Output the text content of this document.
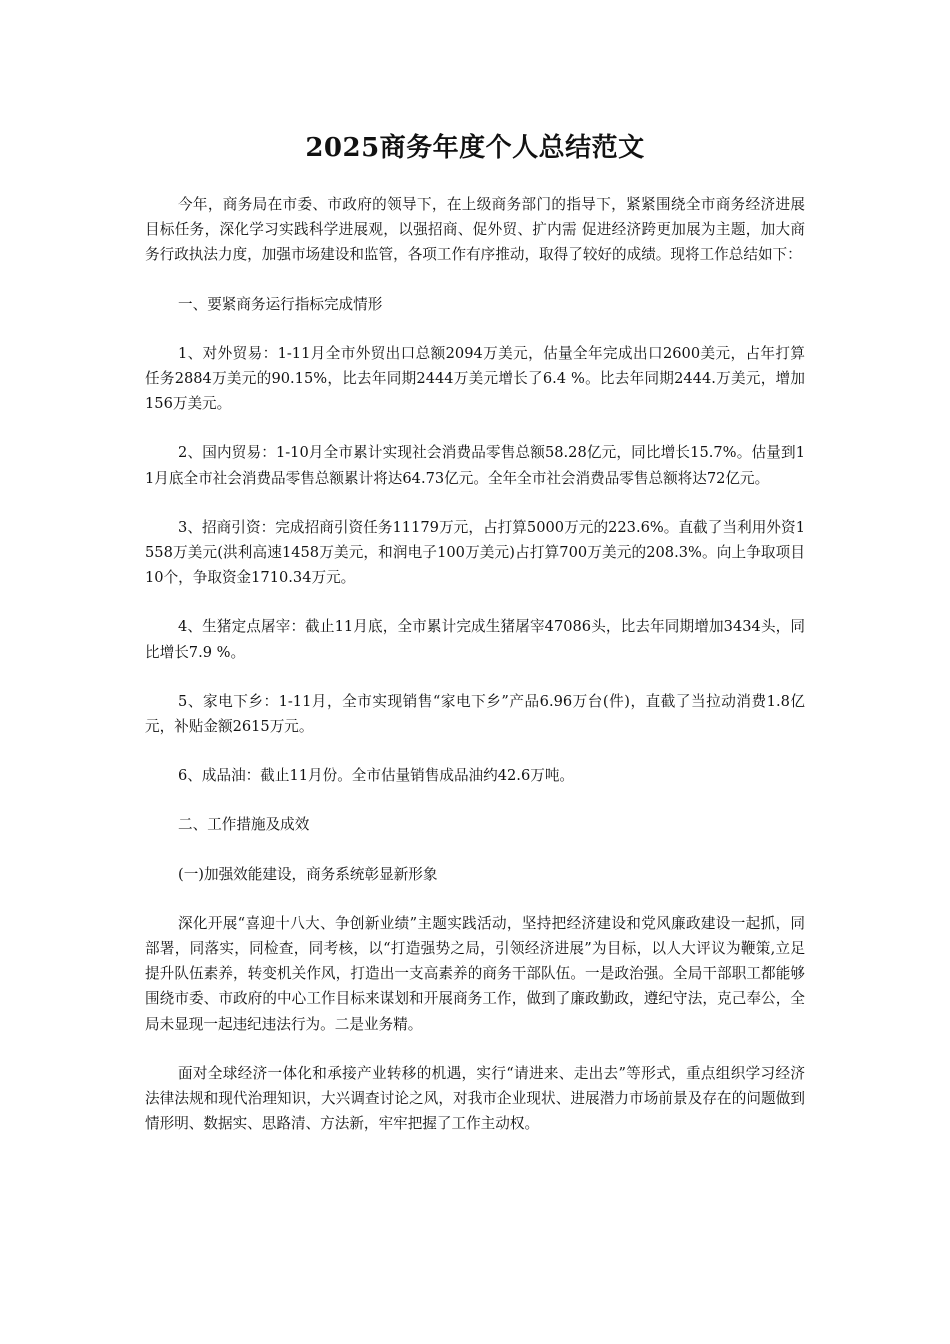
2025商务年度个人总结范文

今年，商务局在市委、市政府的领导下，在上级商务部门的指导下，紧紧围绕全市商务经济进展目标任务，深化学习实践科学进展观，以强招商、促外贸、扩内需 促进经济跨更加展为主题，加大商务行政执法力度，加强市场建设和监管，各项工作有序推动，取得了较好的成绩。现将工作总结如下：

一、要紧商务运行指标完成情形

1、对外贸易：1-11月全市外贸出口总额2094万美元，估量全年完成出口2600美元，占年打算任务2884万美元的90.15%，比去年同期2444万美元增长了6.4 %。比去年同期2444.万美元，增加156万美元。

2、国内贸易：1-10月全市累计实现社会消费品零售总额58.28亿元，同比增长15.7%。估量到11月底全市社会消费品零售总额累计将达64.73亿元。全年全市社会消费品零售总额将达72亿元。

3、招商引资：完成招商引资任务11179万元，占打算5000万元的223.6%。直截了当利用外资1558万美元(洪利高速1458万美元，和润电子100万美元)占打算700万美元的208.3%。向上争取项目10个，争取资金1710.34万元。

4、生猪定点屠宰：截止11月底，全市累计完成生猪屠宰47086头，比去年同期增加3434头，同比增长7.9 %。

5、家电下乡：1-11月，全市实现销售“家电下乡”产品6.96万台(件)，直截了当拉动消费1.8亿元，补贴金额2615万元。

6、成品油：截止11月份。全市估量销售成品油约42.6万吨。

二、工作措施及成效

(一)加强效能建设，商务系统彰显新形象

深化开展“喜迎十八大、争创新业绩”主题实践活动，坚持把经济建设和党风廉政建设一起抓，同部署，同落实，同检查，同考核，以“打造强势之局，引领经济进展”为目标，以人大评议为鞭策,立足提升队伍素养，转变机关作风，打造出一支高素养的商务干部队伍。一是政治强。全局干部职工都能够围绕市委、市政府的中心工作目标来谋划和开展商务工作，做到了廉政勤政，遵纪守法，克己奉公，全局未显现一起违纪违法行为。二是业务精。

面对全球经济一体化和承接产业转移的机遇，实行“请进来、走出去”等形式，重点组织学习经济法律法规和现代治理知识，大兴调查讨论之风，对我市企业现状、进展潜力市场前景及存在的问题做到情形明、数据实、思路清、方法新，牢牢把握了工作主动权。
